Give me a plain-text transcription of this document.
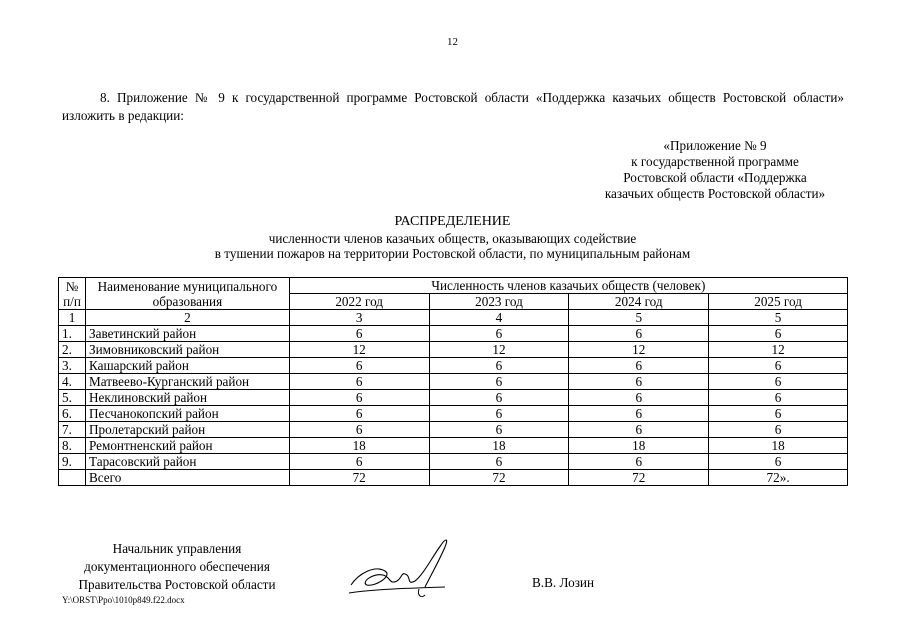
12
8. Приложение № 9 к государственной программе Ростовской области «Поддержка казачьих обществ Ростовской области» изложить в редакции:
«Приложение № 9
к государственной программе
Ростовской области «Поддержка
казачьих обществ Ростовской области»
РАСПРЕДЕЛЕНИЕ
численности членов казачьих обществ, оказывающих содействие
в тушении пожаров на территории Ростовской области, по муниципальным районам
№ п/п	Наименование муниципального образования	Численность членов казачьих обществ (человек)			
		2022 год	2023 год	2024 год	2025 год
1	2	3	4	5	5
1.	Заветинский район	6	6	6	6
2.	Зимовниковский район	12	12	12	12
3.	Кашарский район	6	6	6	6
4.	Матвеево-Курганский район	6	6	6	6
5.	Неклиновский район	6	6	6	6
6.	Песчанокопский район	6	6	6	6
7.	Пролетарский район	6	6	6	6
8.	Ремонтненский район	18	18	18	18
9.	Тарасовский район	6	6	6	6
	Всего	72	72	72	72».
Начальник управления
документационного обеспечения
Правительства Ростовской области	В.В. Лозин
Y:\ORST\Ppo\1010p849.f22.docx
